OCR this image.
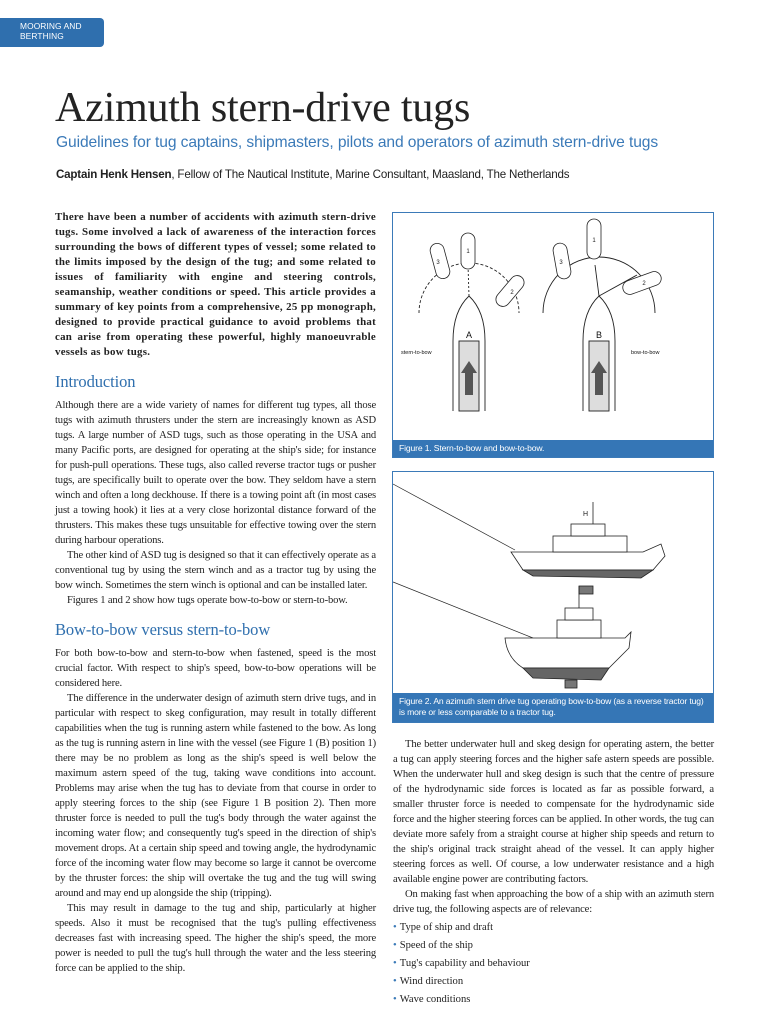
MOORING AND
BERTHING
Azimuth stern-drive tugs
Guidelines for tug captains, shipmasters, pilots and operators of azimuth stern-drive tugs
Captain Henk Hensen, Fellow of The Nautical Institute, Marine Consultant, Maasland, The Netherlands

There have been a number of accidents with azimuth stern-drive tugs. Some involved a lack of awareness of the interaction forces surrounding the bows of different types of vessel; some related to the limits imposed by the design of the tug; and some related to issues of familiarity with engine and steering controls, seamanship, weather conditions or speed. This article provides a summary of key points from a comprehensive, 25 pp monograph, designed to provide practical guidance to avoid problems that can arise from operating these powerful, highly manoeuvrable vessels as bow tugs.

Introduction

Although there are a wide variety of names for different tug types, all those tugs with azimuth thrusters under the stern are increasingly known as ASD tugs. A large number of ASD tugs, such as those operating in the USA and many Pacific ports, are designed for operating at the ship's side; for instance for push-pull operations. These tugs, also called reverse tractor tugs or pusher tugs, are specifically built to operate over the bow. They seldom have a stern winch and often a long deckhouse. If there is a towing point aft (in most cases just a towing hook) it lies at a very close horizontal distance forward of the thrusters. This makes these tugs unsuitable for effective towing over the stern during harbour operations.

The other kind of ASD tug is designed so that it can effectively operate as a conventional tug by using the stern winch and as a tractor tug by using the bow winch. Sometimes the stern winch is optional and can be installed later.

Figures 1 and 2 show how tugs operate bow-to-bow or stern-to-bow.

Bow-to-bow versus stern-to-bow

For both bow-to-bow and stern-to-bow when fastened, speed is the most crucial factor. With respect to ship's speed, bow-to-bow operations will be considered here.

The difference in the underwater design of azimuth stern drive tugs, and in particular with respect to skeg configuration, may result in totally different capabilities when the tug is running astern while fastened to the bow. As long as the tug is running astern in line with the vessel (see Figure 1 (B) position 1) there may be no problem as long as the ship's speed is well below the maximum astern speed of the tug, taking wave conditions into account. Problems may arise when the tug has to deviate from that course in order to apply steering forces to the ship (see Figure 1 B position 2). Then more thruster force is needed to pull the tug's body through the water against the incoming water flow; and consequently tug's speed in the direction of ship's movement drops. At a certain ship speed and towing angle, the hydrodynamic force of the incoming water flow may become so large it cannot be overcome by the thruster forces: the ship will overtake the tug and the tug will swing around and may end up alongside the ship (tripping).

This may result in damage to the tug and ship, particularly at higher speeds. Also it must be recognised that the tug's pulling effectiveness decreases fast with increasing speed. The higher the ship's speed, the more power is needed to pull the tug's hull through the water and the less steering force can be applied to the ship.

3
1
2
3
1
2
A	B
stern-to-bow	bow-to-bow
Figure 1. Stern-to-bow and bow-to-bow.
H
Figure 2. An azimuth stern drive tug operating bow-to-bow (as a reverse tractor tug) is more or less comparable to a tractor tug.

The better underwater hull and skeg design for operating astern, the better a tug can apply steering forces and the higher safe astern speeds are possible. When the underwater hull and skeg design is such that the centre of pressure of the hydrodynamic side forces is located as far as possible forward, a smaller thruster force is needed to compensate for the hydrodynamic side force and the higher steering forces can be applied. In other words, the tug can deviate more safely from a straight course at higher ship speeds and return to the ship's original track straight ahead of the vessel. It can apply higher steering forces as well. Of course, a low underwater resistance and a high available engine power are contributing factors.

On making fast when approaching the bow of a ship with an azimuth stern drive tug, the following aspects are of relevance:

• Type of ship and draft
• Speed of the ship
• Tug's capability and behaviour
• Wind direction
• Wave conditions
